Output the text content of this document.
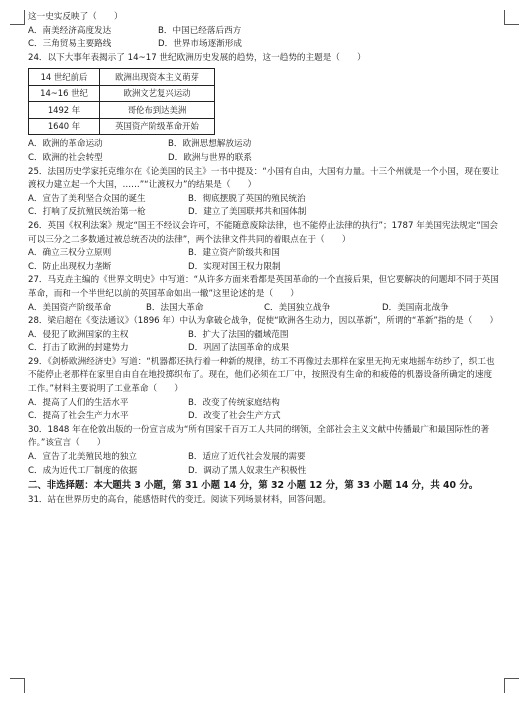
这一史实反映了（　　）
A．南美经济高度发达	B．中国已经落后西方
C．三角贸易主要路线	D．世界市场逐渐形成
24．以下大事年表揭示了 14~17 世纪欧洲历史发展的趋势，这一趋势的主题是（　　）
14 世纪前后	欧洲出现资本主义萌芽
14~16 世纪	欧洲文艺复兴运动
1492 年	哥伦布到达美洲
1640 年	英国资产阶级革命开始
A．欧洲的革命运动	B．欧洲思想解放运动
C．欧洲的社会转型	D．欧洲与世界的联系
25．法国历史学家托克维尔在《论美国的民主》一书中提及：“小国有自由，大国有力量。十三个州就是一个小国，现在要让渡权力建立起一个大国，……”“让渡权力”的结果是（　　）
A．宣告了美利坚合众国的诞生	B．彻底摆脱了英国的殖民统治
C．打响了反抗殖民统治第一枪	D．建立了美国联邦共和国体制
26．英国《权利法案》规定“国王不经议会许可，不能随意废除法律，也不能停止法律的执行”；1787 年美国宪法规定“国会可以三分之二多数通过被总统否决的法律”，两个法律文件共同的着眼点在于（　　）
A．确立三权分立原则	B．建立资产阶级共和国
C．防止出现权力垄断	D．实现对国王权力限制
27．马克垚主编的《世界文明史》中写道：“从许多方面来看都是英国革命的一个直接后果，但它要解决的问题却不同于英国革命，而和一个半世纪以前的英国革命如出一辙”这里论述的是（　　）
A．美国资产阶级革命	B．法国大革命	C．美国独立战争	D．美国南北战争
28．梁启超在《变法通议》（1896 年）中认为拿破仑战争，促使“欧洲各生动力，因以革新”，所谓的“革新”指的是（　　）
A．侵犯了欧洲国家的主权	B．扩大了法国的疆域范围
C．打击了欧洲的封建势力	D．巩固了法国革命的成果
29．《剑桥欧洲经济史》写道：“机器都还执行着一种新的规律，纺工不再像过去那样在家里无拘无束地摇车纺纱了，织工也不能停止老那样在家里自由自在地投掷织布了。现在，他们必须在工厂中，按照没有生命的和疲倦的机器设备所确定的速度工作。”材料主要说明了工业革命（　　）
A．提高了人们的生活水平	B．改变了传统家庭结构
C．提高了社会生产力水平	D．改变了社会生产方式
30．1848 年在伦敦出版的一份宣言成为“所有国家千百万工人共同的纲领，全部社会主义文献中传播最广和最国际性的著作。”该宣言（　　）
A．宣告了北美殖民地的独立	B．适应了近代社会发展的需要
C．成为近代工厂制度的依据	D．调动了黑人奴隶生产积极性
二、非选择题：本大题共 3 小题，第 31 小题 14 分，第 32 小题 12 分，第 33 小题 14 分，共 40 分。
31．站在世界历史的高台，能感悟时代的变迁。阅读下列场景材料，回答问题。
